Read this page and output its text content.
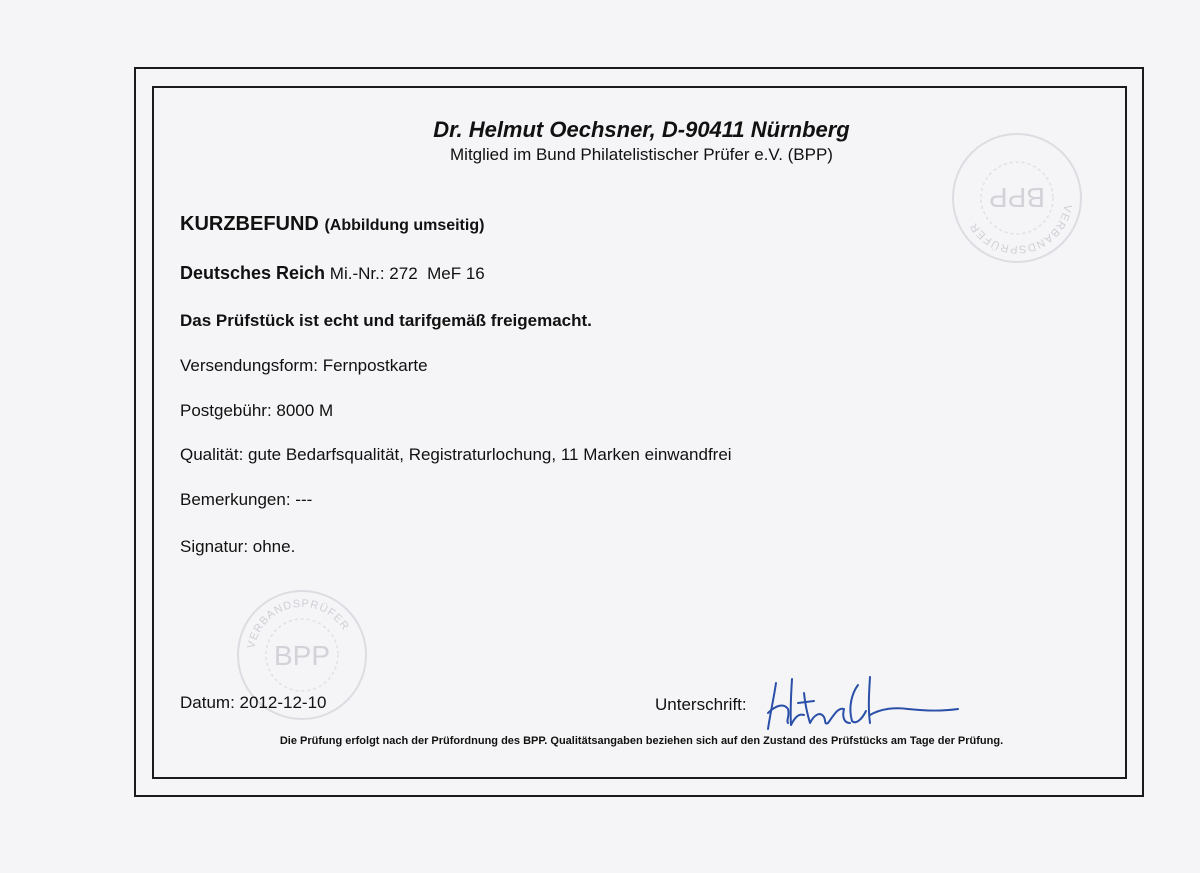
VERBANDSPRÜFER
BPP
VERBANDSPRÜFER
BPP
Dr. Helmut Oechsner, D-90411 Nürnberg
Mitglied im Bund Philatelistischer Prüfer e.V. (BPP)
KURZBEFUND (Abbildung umseitig)
Deutsches Reich Mi.-Nr.: 272  MeF 16
Das Prüfstück ist echt und tarifgemäß freigemacht.
Versendungsform: Fernpostkarte
Postgebühr: 8000 M
Qualität: gute Bedarfsqualität, Registraturlochung, 11 Marken einwandfrei
Bemerkungen: ---
Signatur: ohne.
Datum: 2012-12-10	Unterschrift:
Die Prüfung erfolgt nach der Prüfordnung des BPP. Qualitätsangaben beziehen sich auf den Zustand des Prüfstücks am Tage der Prüfung.
